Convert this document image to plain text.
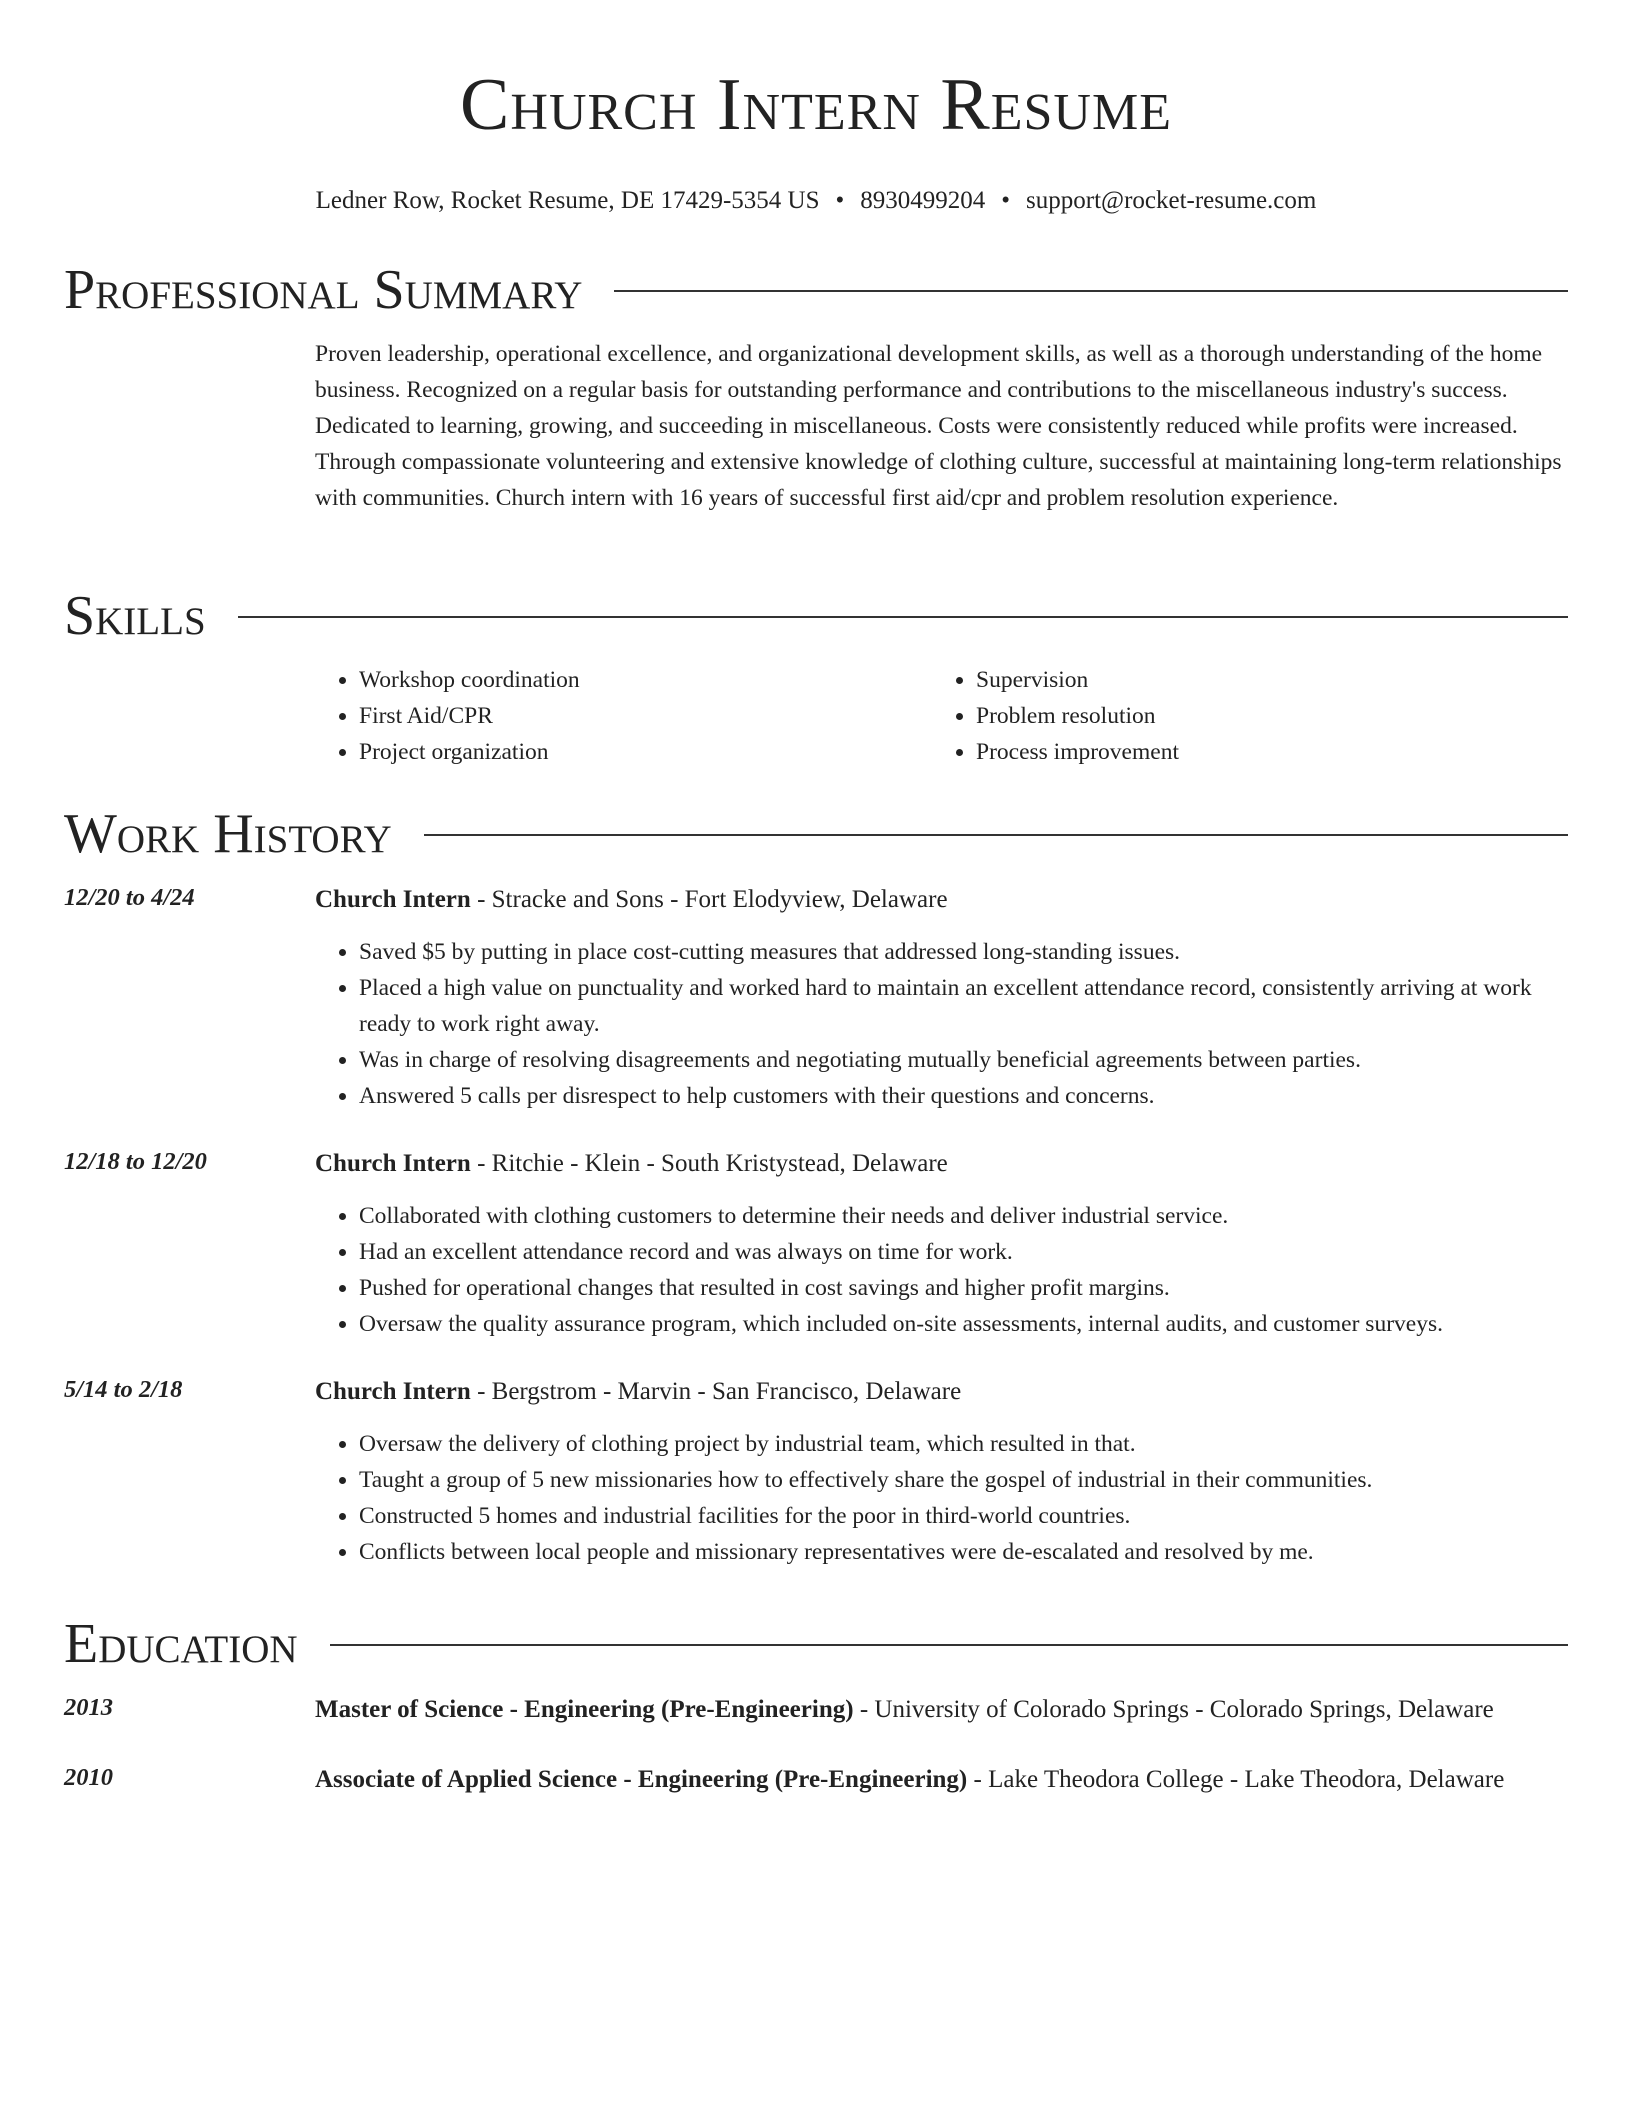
Church Intern Resume
Ledner Row, Rocket Resume, DE 17429-5354 US • 8930499204 • support@rocket-resume.com
Professional Summary

Proven leadership, operational excellence, and organizational development skills, as well as a thorough understanding of the home business. Recognized on a regular basis for outstanding performance and contributions to the miscellaneous industry's success. Dedicated to learning, growing, and succeeding in miscellaneous. Costs were consistently reduced while profits were increased. Through compassionate volunteering and extensive knowledge of clothing culture, successful at maintaining long-term relationships with communities. Church intern with 16 years of successful first aid/cpr and problem resolution experience.

Skills
• Workshop coordination
• First Aid/CPR
• Project organization
• Supervision
• Problem resolution
• Process improvement
Work History
12/20 to 4/24	Church Intern - Stracke and Sons - Fort Elodyview, Delaware
• Saved $5 by putting in place cost-cutting measures that addressed long-standing issues.
• Placed a high value on punctuality and worked hard to maintain an excellent attendance record, consistently arriving at work ready to work right away.
• Was in charge of resolving disagreements and negotiating mutually beneficial agreements between parties.
• Answered 5 calls per disrespect to help customers with their questions and concerns.
12/18 to 12/20	Church Intern - Ritchie - Klein - South Kristystead, Delaware
• Collaborated with clothing customers to determine their needs and deliver industrial service.
• Had an excellent attendance record and was always on time for work.
• Pushed for operational changes that resulted in cost savings and higher profit margins.
• Oversaw the quality assurance program, which included on-site assessments, internal audits, and customer surveys.
5/14 to 2/18	Church Intern - Bergstrom - Marvin - San Francisco, Delaware
• Oversaw the delivery of clothing project by industrial team, which resulted in that.
• Taught a group of 5 new missionaries how to effectively share the gospel of industrial in their communities.
• Constructed 5 homes and industrial facilities for the poor in third-world countries.
• Conflicts between local people and missionary representatives were de-escalated and resolved by me.
Education
2013	Master of Science - Engineering (Pre-Engineering) - University of Colorado Springs - Colorado Springs, Delaware
2010	Associate of Applied Science - Engineering (Pre-Engineering) - Lake Theodora College - Lake Theodora, Delaware
